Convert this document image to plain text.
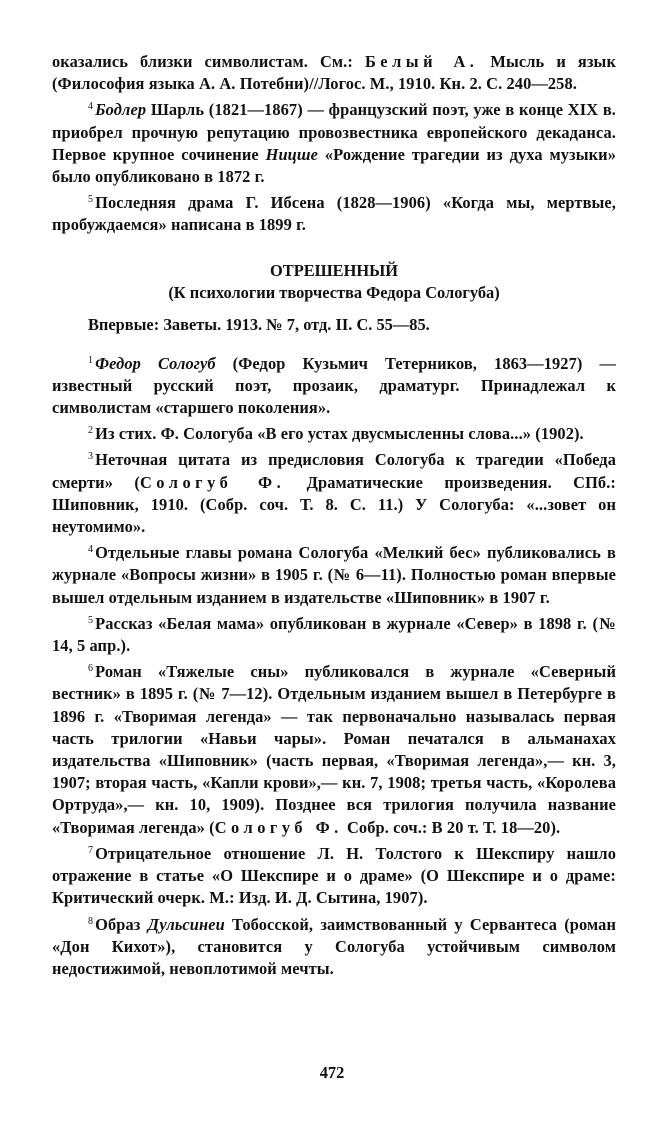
оказались близки символистам. См.: Белый А. Мысль и язык (Философия языка А. А. Потебни)//Логос. М., 1910. Кн. 2. С. 240—258.

$^4$ Бодлер Шарль (1821—1867) — французский поэт, уже в конце XIX в. приобрел прочную репутацию провозвестника европейского декаданса. Первое крупное сочинение Ницше «Рождение трагедии из духа музыки» было опубликовано в 1872 г.

$^5$ Последняя драма Г. Ибсена (1828—1906) «Когда мы, мертвые, пробуждаемся» написана в 1899 г.

ОТРЕШЕННЫЙ

(К психологии творчества Федора Сологуба)

Впервые: Заветы. 1913. № 7, отд. II. С. 55—85.

$^1$ Федор Сологуб (Федор Кузьмич Тетерников, 1863—1927) — известный русский поэт, прозаик, драматург. Принадлежал к символистам «старшего поколения».

$^2$ Из стих. Ф. Сологуба «В его устах двусмысленны слова...» (1902).

$^3$ Неточная цитата из предисловия Сологуба к трагедии «Победа смерти» (Сологуб Ф. Драматические произведения. СПб.: Шиповник, 1910. (Собр. соч. Т. 8. С. 11.) У Сологуба: «...зовет он неутомимо».

$^4$ Отдельные главы романа Сологуба «Мелкий бес» публиковались в журнале «Вопросы жизни» в 1905 г. (№ 6—11). Полностью роман впервые вышел отдельным изданием в издательстве «Шиповник» в 1907 г.

$^5$ Рассказ «Белая мама» опубликован в журнале «Север» в 1898 г. (№ 14, 5 апр.).

$^6$ Роман «Тяжелые сны» публиковался в журнале «Северный вестник» в 1895 г. (№ 7—12). Отдельным изданием вышел в Петербурге в 1896 г. «Творимая легенда» — так первоначально называлась первая часть трилогии «Навьи чары». Роман печатался в альманахах издательства «Шиповник» (часть первая, «Творимая легенда»,— кн. 3, 1907; вторая часть, «Капли крови»,— кн. 7, 1908; третья часть, «Королева Ортруда»,— кн. 10, 1909). Позднее вся трилогия получила название «Творимая легенда» (Сологуб Ф. Собр. соч.: В 20 т. Т. 18—20).

$^7$ Отрицательное отношение Л. Н. Толстого к Шекспиру нашло отражение в статье «О Шекспире и о драме» (О Шекспире и о драме: Критический очерк. М.: Изд. И. Д. Сытина, 1907).

$^8$ Образ Дульсинеи Тобосской, заимствованный у Сервантеса (роман «Дон Кихот»), становится у Сологуба устойчивым символом недостижимой, невоплотимой мечты.

472
